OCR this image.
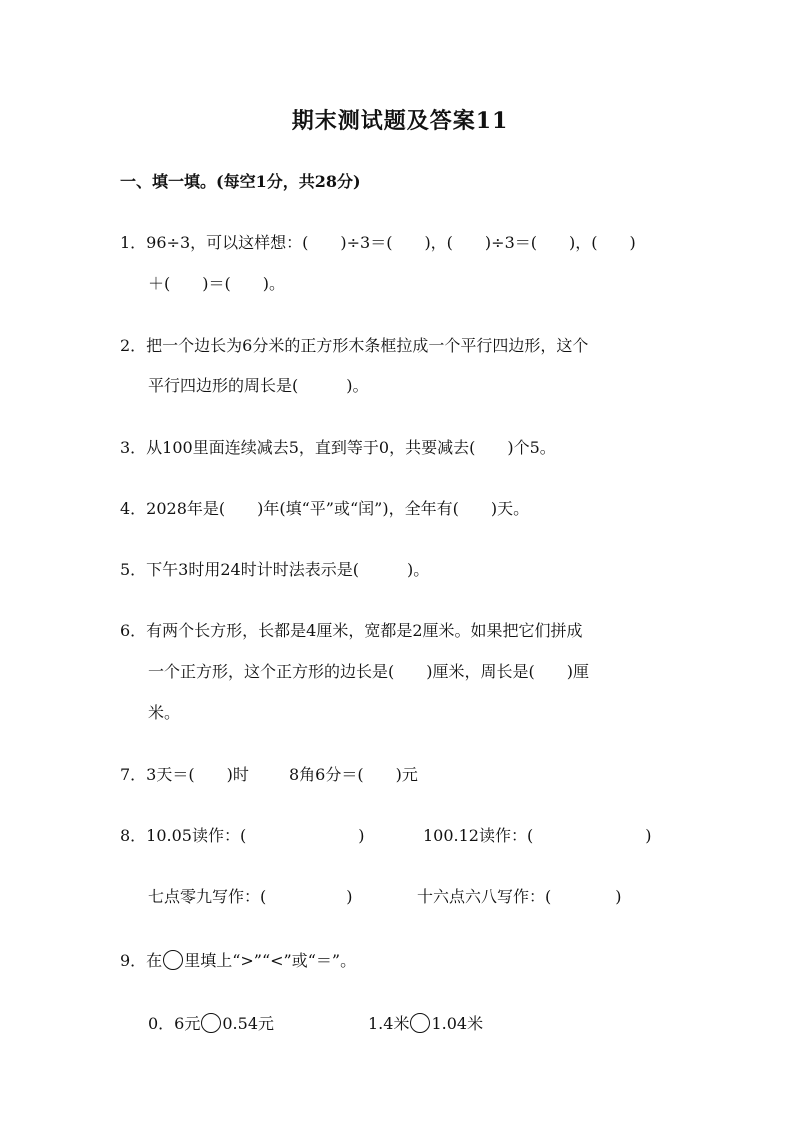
期末测试题及答案11
一、填一填。(每空1分，共28分)
1．96÷3，可以这样想：(　　)÷3＝(　　)，(　　)÷3＝(　　)，(　　)
＋(　　)＝(　　)。
2．把一个边长为6分米的正方形木条框拉成一个平行四边形，这个
平行四边形的周长是(　　　)。
3．从100里面连续减去5，直到等于0，共要减去(　　)个5。
4．2028年是(　　)年(填“平”或“闰”)，全年有(　　)天。
5．下午3时用24时计时法表示是(　　　)。
6．有两个长方形，长都是4厘米，宽都是2厘米。如果把它们拼成
一个正方形，这个正方形的边长是(　　)厘米，周长是(　　)厘
米。
7．3天＝(　　)时	8角6分＝(　　)元
8．10.05读作：(　　　　　　　)	100.12读作：(　　　　　　　)
七点零九写作：(　　　　　)	十六点六八写作：(　　　　)
9．在 里填上“>”“<”或“＝”。
0．6元 0.54元	1.4米 1.04米
